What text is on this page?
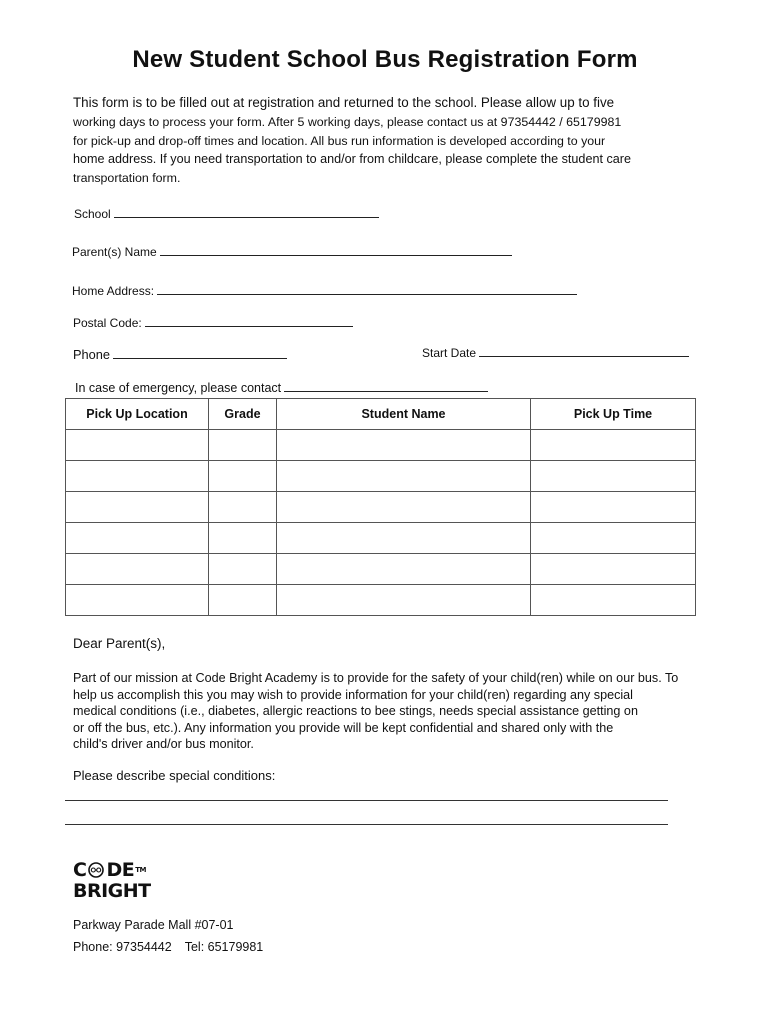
New Student School Bus Registration Form
This form is to be filled out at registration and returned to the school. Please allow up to five
working days to process your form. After 5 working days, please contact us at 97354442 / 65179981
for pick-up and drop-off times and location. All bus run information is developed according to your
home address. If you need transportation to and/or from childcare, please complete the student care
transportation form.
School
Parent(s) Name
Home Address:
Postal Code:
Phone	Start Date
In case of emergency, please contact
Pick Up Location	Grade	Student Name	Pick Up Time

Dear Parent(s),
Part of our mission at Code Bright Academy is to provide for the safety of your child(ren) while on our bus. To
help us accomplish this you may wish to provide information for your child(ren) regarding any special
medical conditions (i.e., diabetes, allergic reactions to bee stings, needs special assistance getting on
or off the bus, etc.). Any information you provide will be kept confidential and shared only with the
child's driver and/or bus monitor.
Please describe special conditions:
C DE™
BRIGHT
Parkway Parade Mall #07-01
Phone: 97354442 Tel: 65179981
